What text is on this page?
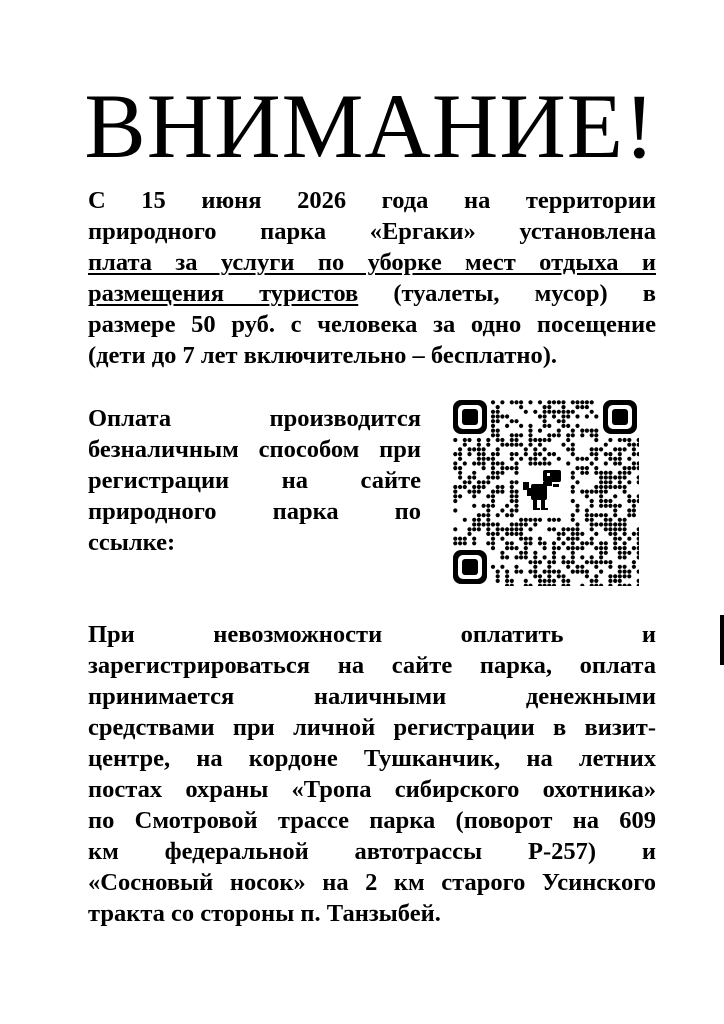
ВНИМАНИЕ!
С 15 июня 2026 года на территории
природного парка «Ергаки» установлена
плата за услуги по уборке мест отдыха и
размещения туристов (туалеты, мусор) в
размере 50 руб. с человека за одно посещение
(дети до 7 лет включительно – бесплатно).
Оплата производится
безналичным способом при
регистрации на сайте
природного парка по
ссылке:
При невозможности оплатить и
зарегистрироваться на сайте парка, оплата
принимается наличными денежными
средствами при личной регистрации в визит-
центре, на кордоне Тушканчик, на летних
постах охраны «Тропа сибирского охотника»
по Смотровой трассе парка (поворот на 609
км федеральной автотрассы Р-257) и
«Сосновый носок» на 2 км старого Усинского
тракта со стороны п. Танзыбей.
